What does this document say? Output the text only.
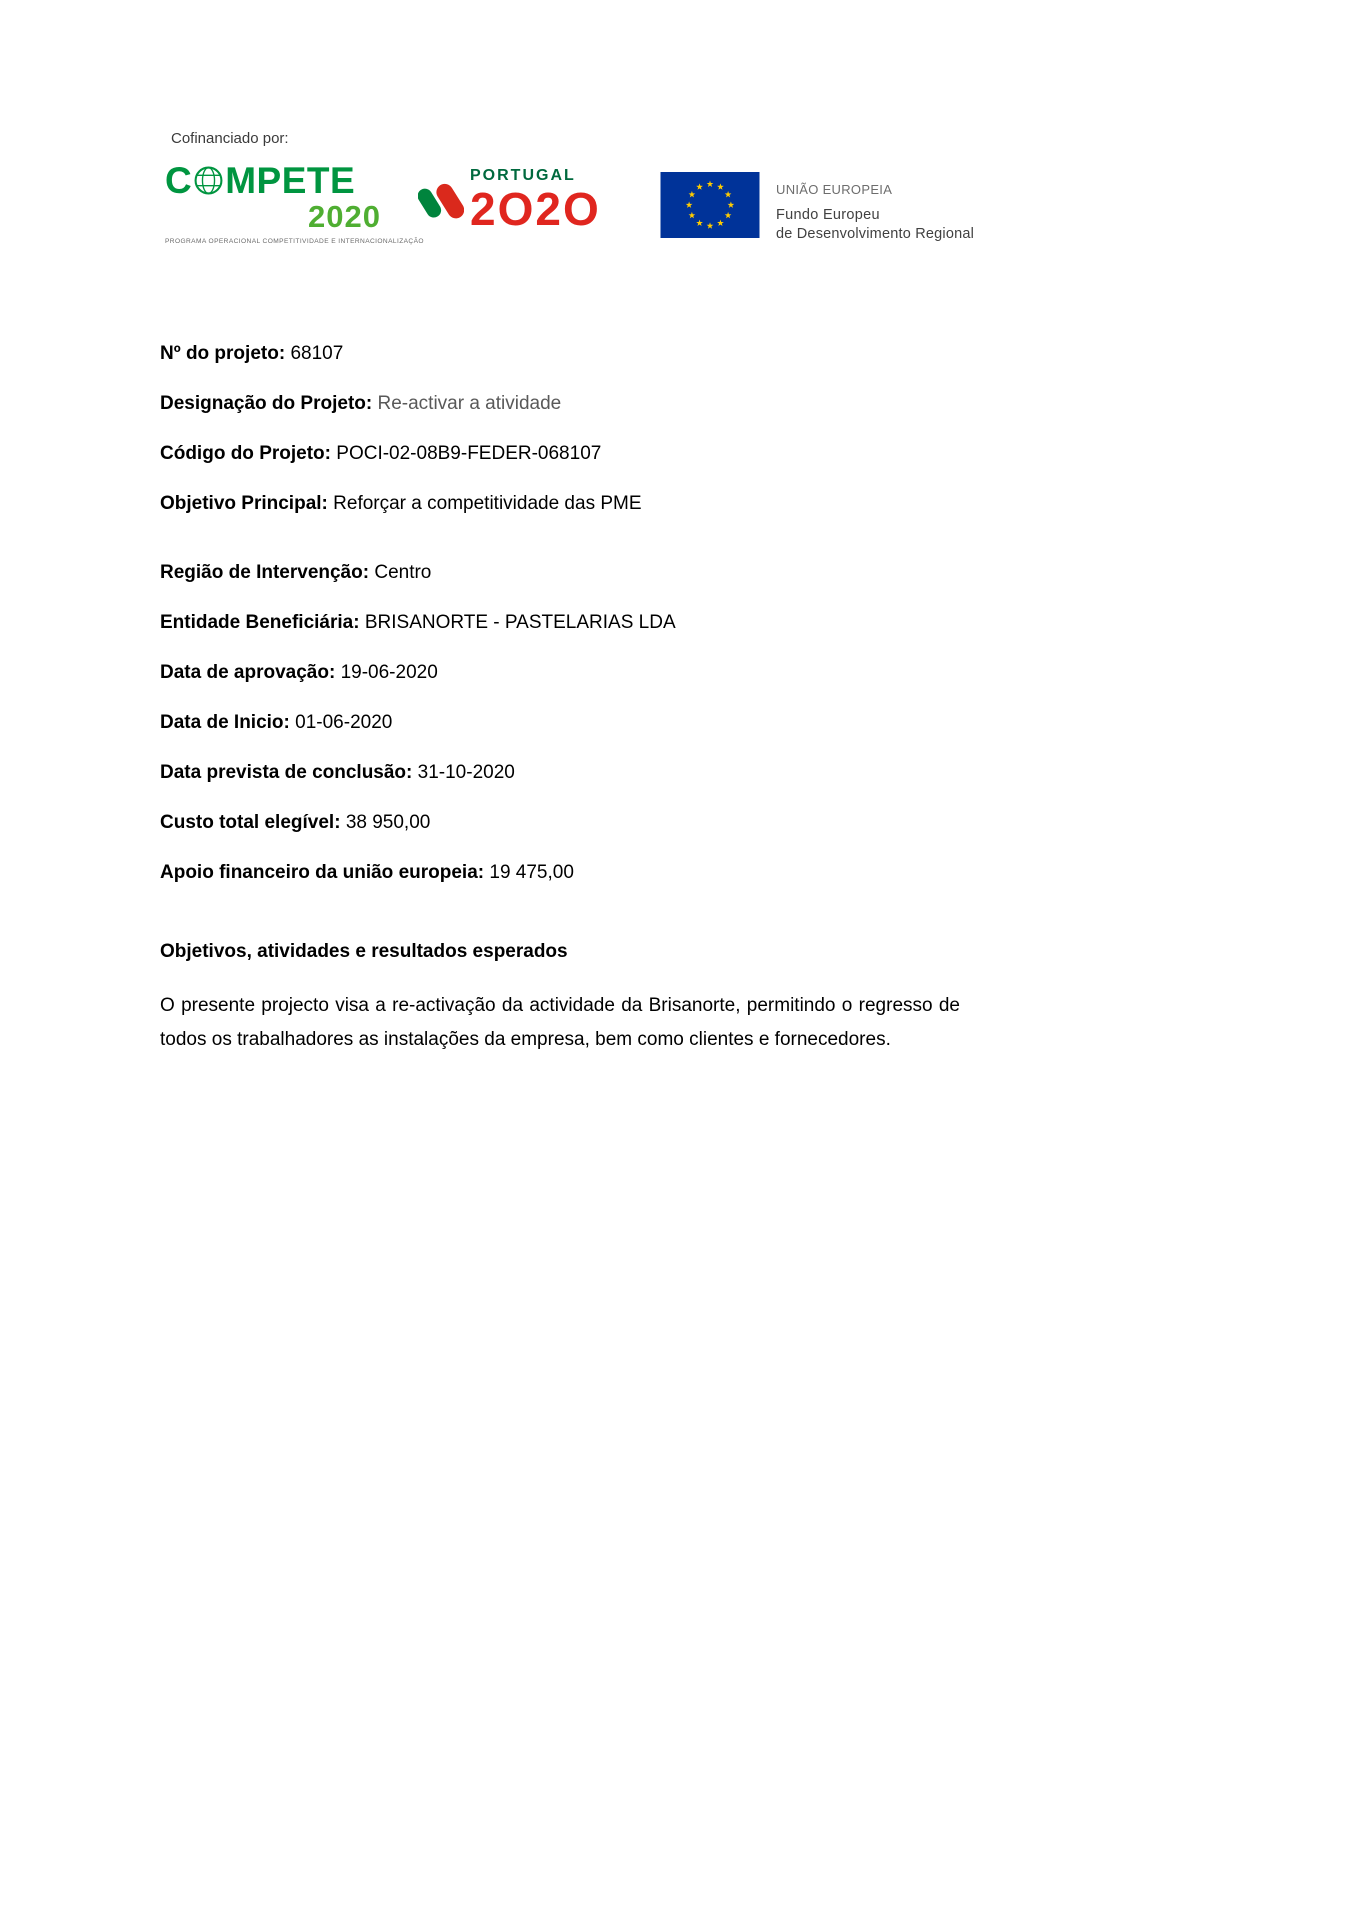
Cofinanciado por:
C MPETE
2020
PROGRAMA OPERACIONAL COMPETITIVIDADE E INTERNACIONALIZAÇÃO
PORTUGAL
2O2O	UNIÃO EUROPEIA
Fundo Europeu
de Desenvolvimento Regional

Nº do projeto: 68107

Designação do Projeto: Re-activar a atividade

Código do Projeto: POCI-02-08B9-FEDER-068107

Objetivo Principal: Reforçar a competitividade das PME

Região de Intervenção: Centro

Entidade Beneficiária: BRISANORTE - PASTELARIAS LDA

Data de aprovação: 19-06-2020

Data de Inicio: 01-06-2020

Data prevista de conclusão: 31-10-2020

Custo total elegível: 38 950,00

Apoio financeiro da união europeia: 19 475,00

Objetivos, atividades e resultados esperados

O presente projecto visa a re-activação da actividade da Brisanorte, permitindo o regresso de todos os trabalhadores as instalações da empresa, bem como clientes e fornecedores.
